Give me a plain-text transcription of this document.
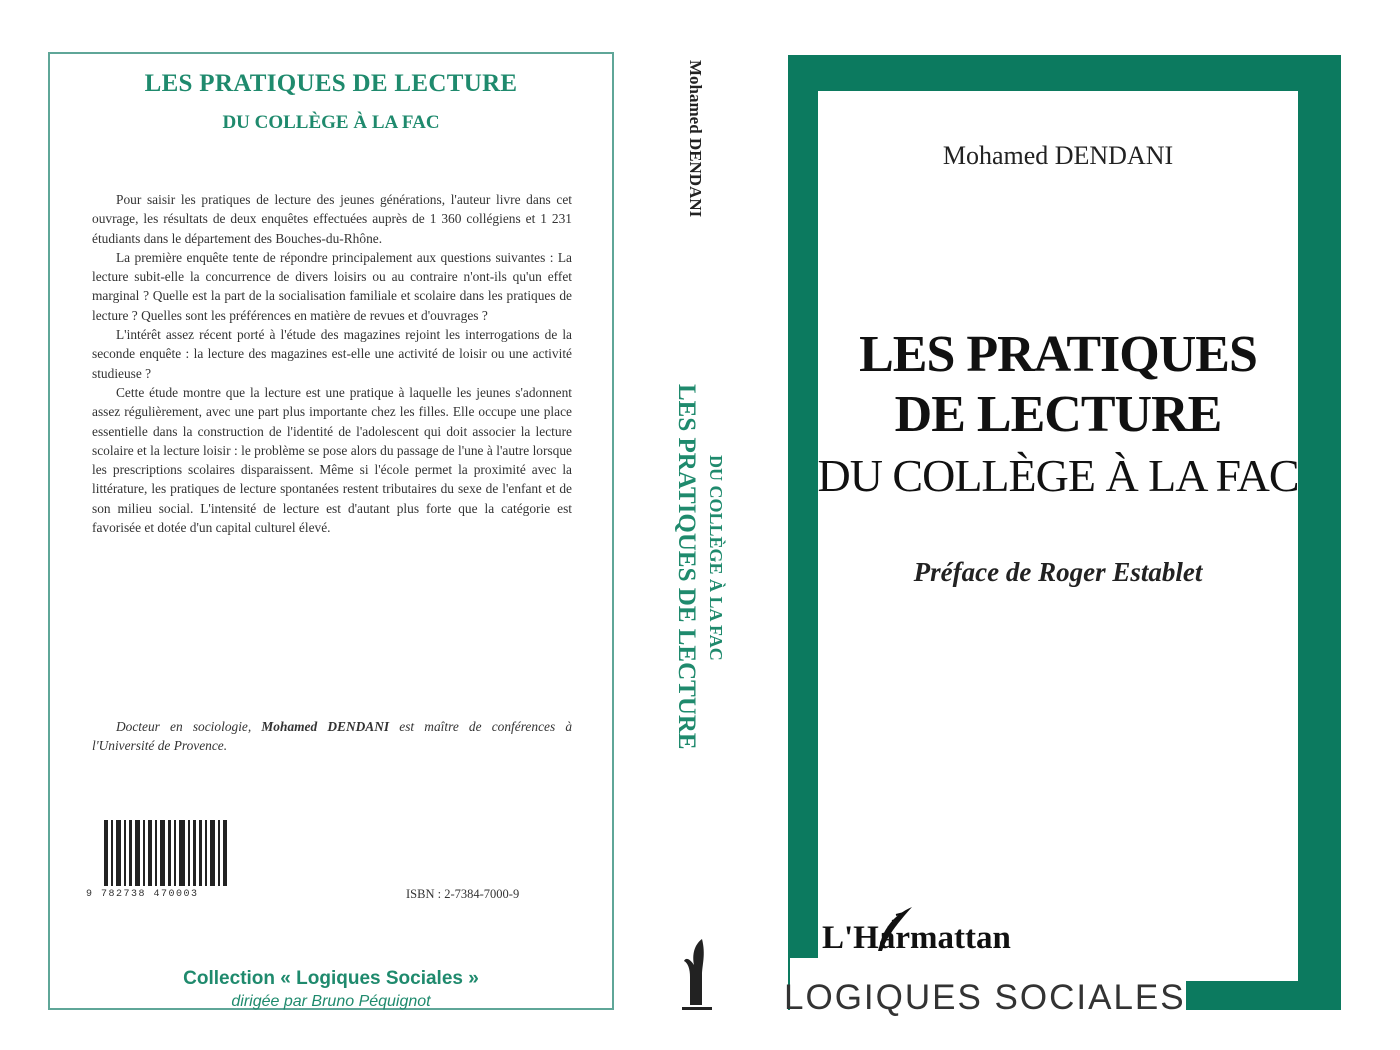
LES PRATIQUES DE LECTURE
DU COLLÈGE À LA FAC

Pour saisir les pratiques de lecture des jeunes générations, l'auteur livre dans cet ouvrage, les résultats de deux enquêtes effectuées auprès de 1 360 collégiens et 1 231 étudiants dans le département des Bouches-du-Rhône.

La première enquête tente de répondre principalement aux questions suivantes : La lecture subit-elle la concurrence de divers loisirs ou au contraire n'ont-ils qu'un effet marginal ? Quelle est la part de la socialisation familiale et scolaire dans les pratiques de lecture ? Quelles sont les préférences en matière de revues et d'ouvrages ?

L'intérêt assez récent porté à l'étude des magazines rejoint les interrogations de la seconde enquête : la lecture des magazines est-elle une activité de loisir ou une activité studieuse ?

Cette étude montre que la lecture est une pratique à laquelle les jeunes s'adonnent assez régulièrement, avec une part plus importante chez les filles. Elle occupe une place essentielle dans la construction de l'identité de l'adolescent qui doit associer la lecture scolaire et la lecture loisir : le problème se pose alors du passage de l'une à l'autre lorsque les prescriptions scolaires disparaissent. Même si l'école permet la proximité avec la littérature, les pratiques de lecture spontanées restent tributaires du sexe de l'enfant et de son milieu social. L'intensité de lecture est d'autant plus forte que la catégorie est favorisée et dotée d'un capital culturel élevé.

Docteur en sociologie, Mohamed DENDANI est maître de conférences à l'Université de Provence.
9 782738 470003	ISBN : 2-7384-7000-9
Collection « Logiques Sociales »
dirigée par Bruno Péquignot
Mohamed DENDANI
LES PRATIQUES DE LECTURE DU COLLÈGE À LA FAC
Mohamed DENDANI
LES PRATIQUES
DE LECTURE
DU COLLÈGE À LA FAC
Préface de Roger Establet
L'Harmattan
LOGIQUES SOCIALES
